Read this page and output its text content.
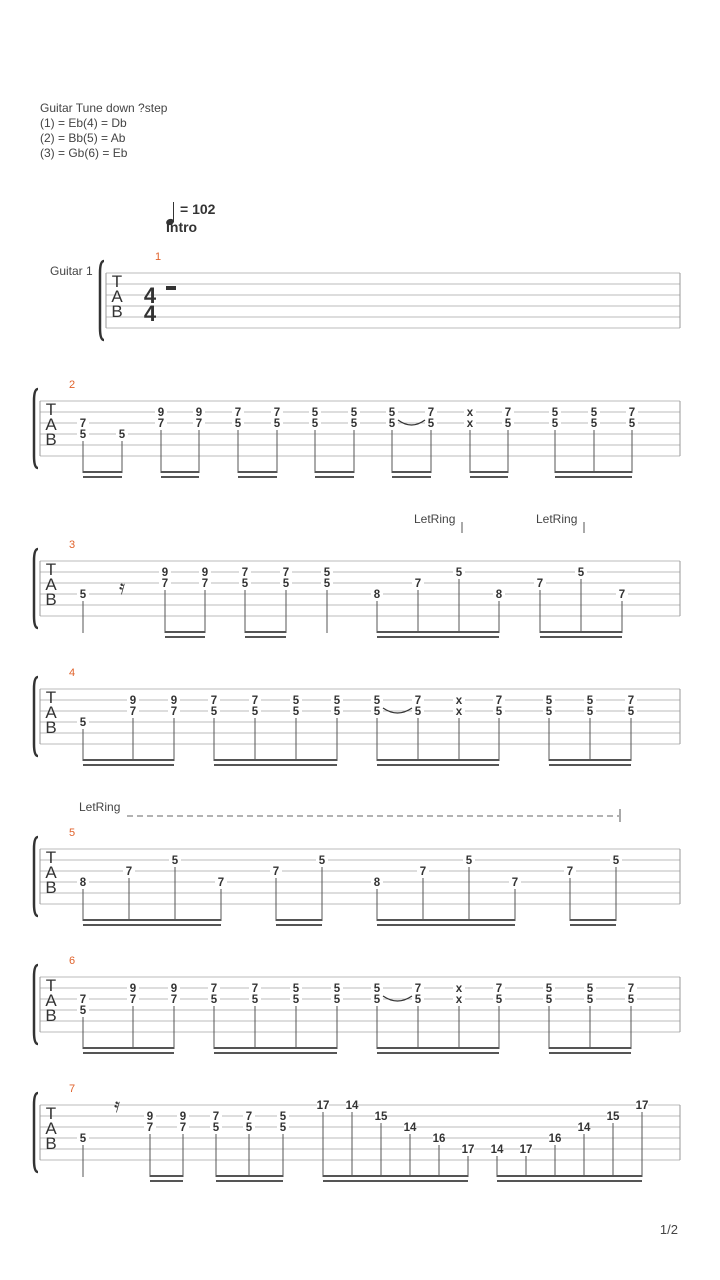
Guitar Tune down ?step
(1) = Eb(4) = Db
(2) = Bb(5) = Ab
(3) = Gb(6) = Eb
= 102
Intro
Guitar 1
LetRing	LetRing
LetRing
T
A
B
1
4
4
T
A
B
2
7
5	5
9
7
9
7
7
5
7
5
5
5
5
5
5
5
7
5
x
x
7
5
5
5
5
5
7
5
T
A
B
3
5
9
7
9
7
7
5
7
5
5
5
8
7
5
8
7
5
7
T
A
B
4
5
9
7
9
7
7
5
7
5
5
5
5
5
5
5
7
5
x
x
7
5
5
5
5
5
7
5
T
A
B
5
8
7
5
7
7
5
8
7
5
7
7
5
T
A
B
6
7
5
9
7
9
7
7
5
7
5
5
5
5
5
5
5
7
5
x
x
7
5
5
5
5
5
7
5
T
A
B
7
5
9
7
9
7
7
5
7
5
5
5
17 14
15
14
16
17 14 17
16
14
15
17
𝄿
𝄿
1/2
